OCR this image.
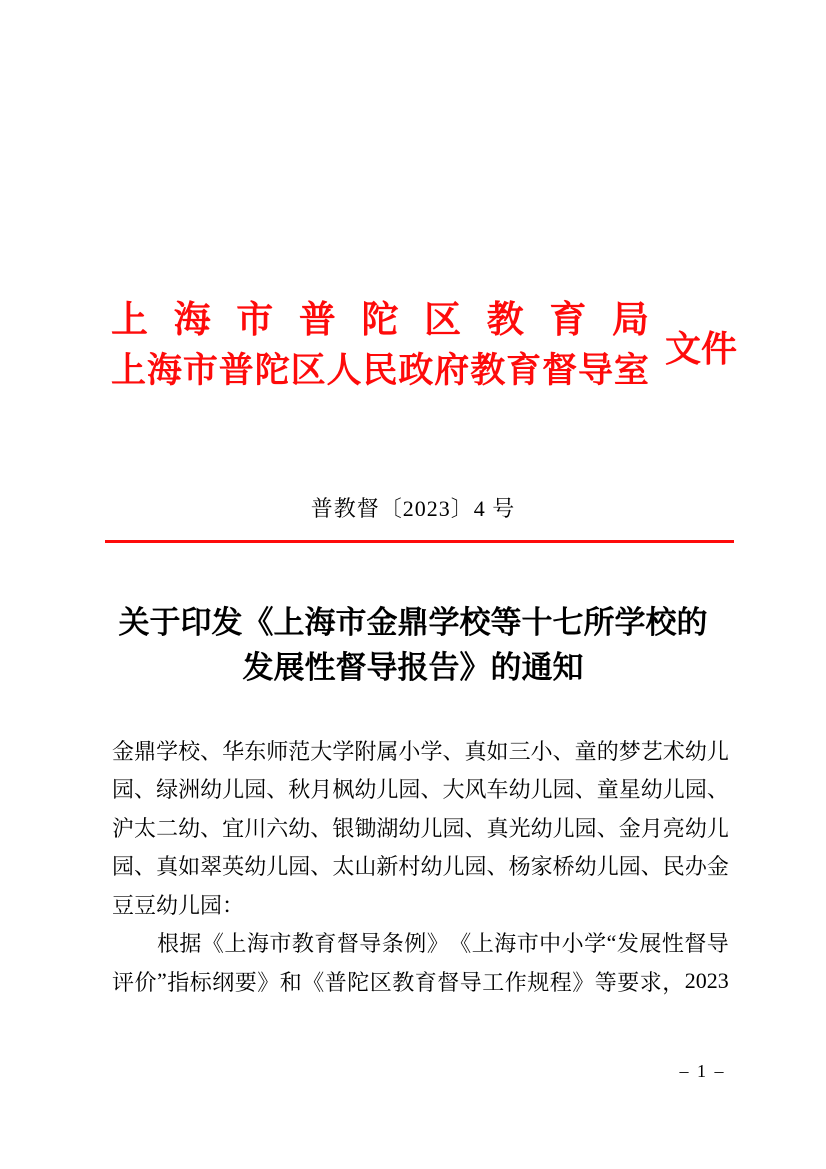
上 海 市 普 陀 区 教 育 局
上 海 市 普 陀 区 人 民 政 府 教 育 督 导 室
文件
普教督〔2023〕4 号
关于印发《上海市金鼎学校等十七所学校的
发展性督导报告》的通知
金 鼎 学 校 、 华 东 师 范 大 学 附 属 小 学 、 真 如 三 小 、 童 的 梦 艺 术 幼 儿
园 、 绿 洲 幼 儿 园 、 秋 月 枫 幼 儿 园 、 大 风 车 幼 儿 园 、 童 星 幼 儿 园 、
沪 太 二 幼 、 宜 川 六 幼 、 银 锄 湖 幼 儿 园 、 真 光 幼 儿 园 、 金 月 亮 幼 儿
园 、 真 如 翠 英 幼 儿 园 、 太 山 新 村 幼 儿 园 、 杨 家 桥 幼 儿 园 、 民 办 金
豆豆幼儿园：
根 据 《 上 海 市 教 育 督 导 条 例 》 《 上 海 市 中 小 学 “ 发 展 性 督 导
评 价 ” 指 标 纲 要 》 和 《 普 陀 区 教 育 督 导 工 作 规 程 》 等 要 求 ， 2023
– 1 –
